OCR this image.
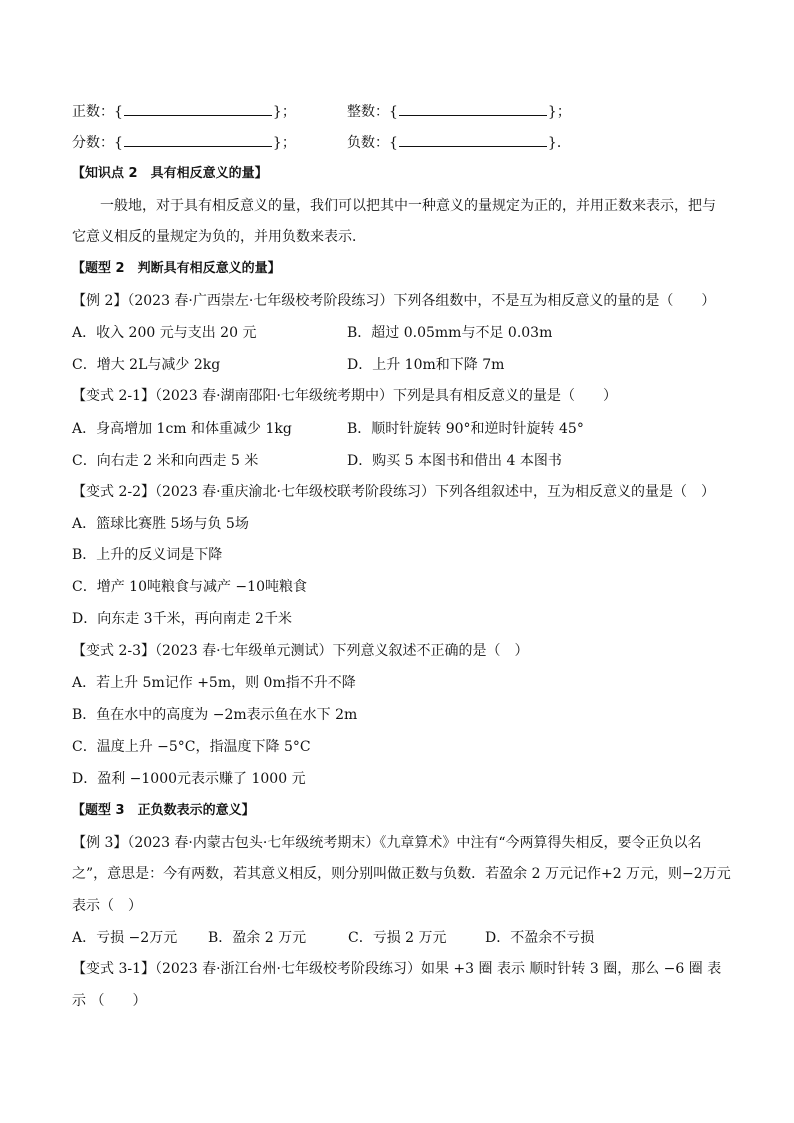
正数：{	}；	整数：{	}；
分数：{	}；	负数：{	}．
【知识点 2　具有相反意义的量】
一般地，对于具有相反意义的量，我们可以把其中一种意义的量规定为正的，并用正数来表示，把与
它意义相反的量规定为负的，并用负数来表示．
【题型 2　判断具有相反意义的量】
【例 2】（2023 春·广西崇左·七年级校考阶段练习）下列各组数中，不是互为相反意义的量的是（　　）
A．收入 200 元与支出 20 元	B．超过 0.05mm与不足 0.03m
C．增大 2L与减少 2kg	D．上升 10m和下降 7m
【变式 2-1】（2023 春·湖南邵阳·七年级统考期中）下列是具有相反意义的量是（　　）
A．身高增加 1cm 和体重减少 1kg	B．顺时针旋转 90°和逆时针旋转 45°
C．向右走 2 米和向西走 5 米	D．购买 5 本图书和借出 4 本图书
【变式 2-2】（2023 春·重庆渝北·七年级校联考阶段练习）下列各组叙述中，互为相反意义的量是（　）
A．篮球比赛胜 5场与负 5场
B．上升的反义词是下降
C．增产 10吨粮食与减产 −10吨粮食
D．向东走 3千米，再向南走 2千米
【变式 2-3】（2023 春·七年级单元测试）下列意义叙述不正确的是（　）
A．若上升 5m记作 +5m，则 0m指不升不降
B．鱼在水中的高度为 −2m表示鱼在水下 2m
C．温度上升 −5°C，指温度下降 5°C
D．盈利 −1000元表示赚了 1000 元
【题型 3　正负数表示的意义】
【例 3】（2023 春·内蒙古包头·七年级统考期末）《九章算术》中注有“今两算得失相反，要令正负以名
之”，意思是：今有两数，若其意义相反，则分别叫做正数与负数．若盈余 2 万元记作+2 万元，则−2万元
表示（　）
A．亏损 −2万元 B．盈余 2 万元	C．亏损 2 万元	D．不盈余不亏损
【变式 3-1】（2023 春·浙江台州·七年级校考阶段练习）如果 +3 圈 表示 顺时针转 3 圈，那么 −6 圈 表
示 （　　）
